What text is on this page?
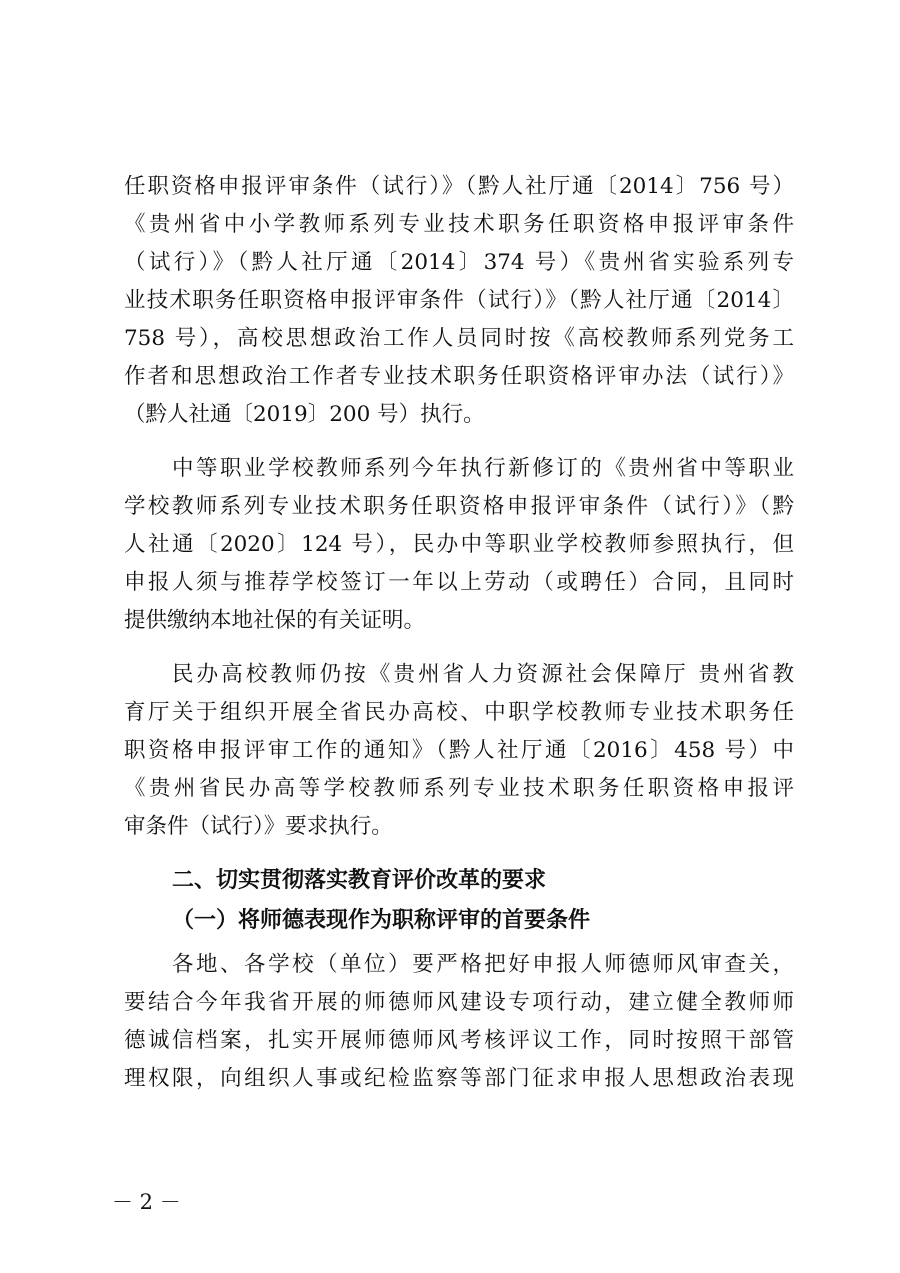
任职资格申报评审条件（试行）》（黔人社厅通〔2014〕756 号）
《贵州省中小学教师系列专业技术职务任职资格申报评审条件
（试行）》（黔人社厅通〔2014〕374 号）《贵州省实验系列专
业技术职务任职资格申报评审条件（试行）》（黔人社厅通〔2014〕
758 号），高校思想政治工作人员同时按《高校教师系列党务工
作者和思想政治工作者专业技术职务任职资格评审办法（试行）》
（黔人社通〔2019〕200 号）执行。
中等职业学校教师系列今年执行新修订的《贵州省中等职业
学校教师系列专业技术职务任职资格申报评审条件（试行）》（黔
人社通〔2020〕124 号），民办中等职业学校教师参照执行，但
申报人须与推荐学校签订一年以上劳动（或聘任）合同，且同时
提供缴纳本地社保的有关证明。
民办高校教师仍按《贵州省人力资源社会保障厅 贵州省教
育厅关于组织开展全省民办高校、中职学校教师专业技术职务任
职资格申报评审工作的通知》（黔人社厅通〔2016〕458 号）中
《贵州省民办高等学校教师系列专业技术职务任职资格申报评
审条件（试行）》要求执行。
二、切实贯彻落实教育评价改革的要求
（一）将师德表现作为职称评审的首要条件
各地、各学校（单位）要严格把好申报人师德师风审查关，
要结合今年我省开展的师德师风建设专项行动，建立健全教师师
德诚信档案，扎实开展师德师风考核评议工作，同时按照干部管
理权限，向组织人事或纪检监察等部门征求申报人思想政治表现
－ 2 －
